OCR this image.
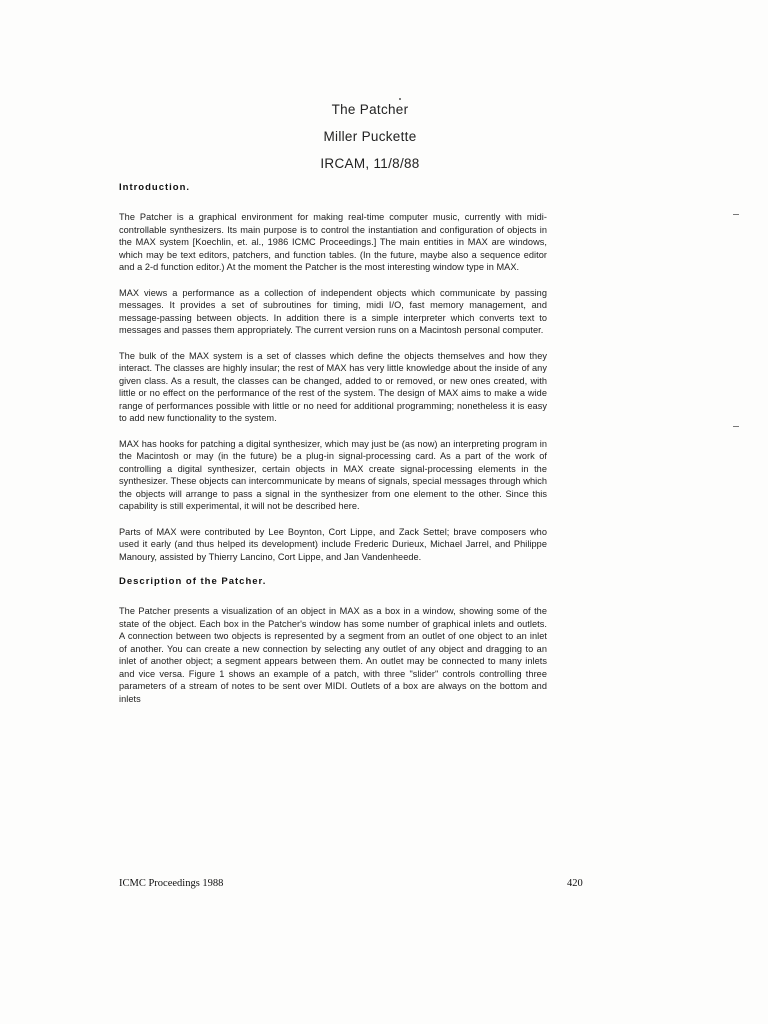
The Patcher
Miller Puckette
IRCAM, 11/8/88
Introduction.

The Patcher is a graphical environment for making real-time computer music, currently with midi-controllable synthesizers. Its main purpose is to control the instantiation and configuration of objects in the MAX system [Koechlin, et. al., 1986 ICMC Proceedings.] The main entities in MAX are windows, which may be text editors, patchers, and function tables. (In the future, maybe also a sequence editor and a 2-d function editor.) At the moment the Patcher is the most interesting window type in MAX.

MAX views a performance as a collection of independent objects which communicate by passing messages. It provides a set of subroutines for timing, midi I/O, fast memory management, and message-passing between objects. In addition there is a simple interpreter which converts text to messages and passes them appropriately. The current version runs on a Macintosh personal computer.

The bulk of the MAX system is a set of classes which define the objects themselves and how they interact. The classes are highly insular; the rest of MAX has very little knowledge about the inside of any given class. As a result, the classes can be changed, added to or removed, or new ones created, with little or no effect on the performance of the rest of the system. The design of MAX aims to make a wide range of performances possible with little or no need for additional programming; nonetheless it is easy to add new functionality to the system.

MAX has hooks for patching a digital synthesizer, which may just be (as now) an interpreting program in the Macintosh or may (in the future) be a plug-in signal-processing card. As a part of the work of controlling a digital synthesizer, certain objects in MAX create signal-processing elements in the synthesizer. These objects can intercommunicate by means of signals, special messages through which the objects will arrange to pass a signal in the synthesizer from one element to the other. Since this capability is still experimental, it will not be described here.

Parts of MAX were contributed by Lee Boynton, Cort Lippe, and Zack Settel; brave composers who used it early (and thus helped its development) include Frederic Durieux, Michael Jarrel, and Philippe Manoury, assisted by Thierry Lancino, Cort Lippe, and Jan Vandenheede.

Description of the Patcher.

The Patcher presents a visualization of an object in MAX as a box in a window, showing some of the state of the object. Each box in the Patcher's window has some number of graphical inlets and outlets. A connection between two objects is represented by a segment from an outlet of one object to an inlet of another. You can create a new connection by selecting any outlet of any object and dragging to an inlet of another object; a segment appears between them. An outlet may be connected to many inlets and vice versa. Figure 1 shows an example of a patch, with three "slider" controls controlling three parameters of a stream of notes to be sent over MIDI. Outlets of a box are always on the bottom and inlets

ICMC Proceedings 1988	420
